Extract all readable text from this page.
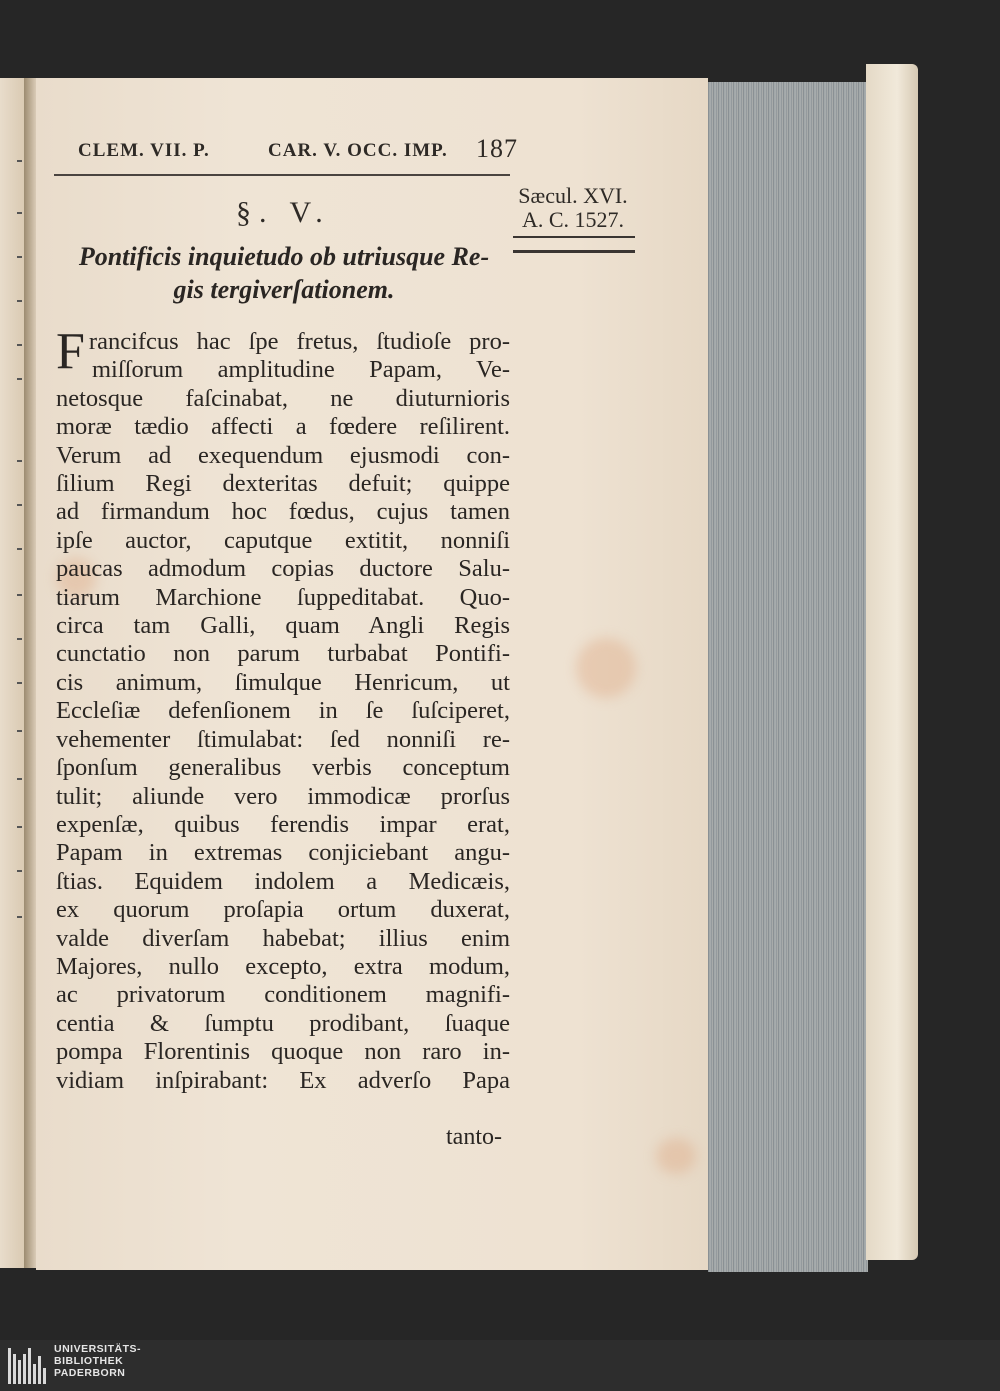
CLEM. VII. P.	CAR. V. OCC. IMP. 187
Sæcul. XVI.
A. C. 1527.
§. V.
Pontificis inquietudo ob utriusque Re-
gis tergiverſationem.
F rancifcus hac ſpe fretus, ſtudioſe pro-
miſſorum amplitudine Papam, Ve-
netosque faſcinabat, ne diuturnioris
moræ tædio affecti a fœdere reſilirent.
Verum ad exequendum ejusmodi con-
ſilium Regi dexteritas defuit; quippe
ad firmandum hoc fœdus, cujus tamen
ipſe auctor, caputque extitit, nonniſi
paucas admodum copias ductore Salu-
tiarum Marchione ſuppeditabat. Quo-
circa tam Galli, quam Angli Regis
cunctatio non parum turbabat Pontifi-
cis animum, ſimulque Henricum, ut
Eccleſiæ defenſionem in ſe ſuſciperet,
vehementer ſtimulabat: ſed nonniſi re-
ſponſum generalibus verbis conceptum
tulit; aliunde vero immodicæ prorſus
expenſæ, quibus ferendis impar erat,
Papam in extremas conjiciebant angu-
ſtias. Equidem indolem a Medicæis,
ex quorum proſapia ortum duxerat,
valde diverſam habebat; illius enim
Majores, nullo excepto, extra modum,
ac privatorum conditionem magnifi-
centia & ſumptu prodibant, ſuaque
pompa Florentinis quoque non raro in-
vidiam inſpirabant: Ex adverſo Papa
tanto-
UNIVERSITÄTS-
BIBLIOTHEK
PADERBORN
